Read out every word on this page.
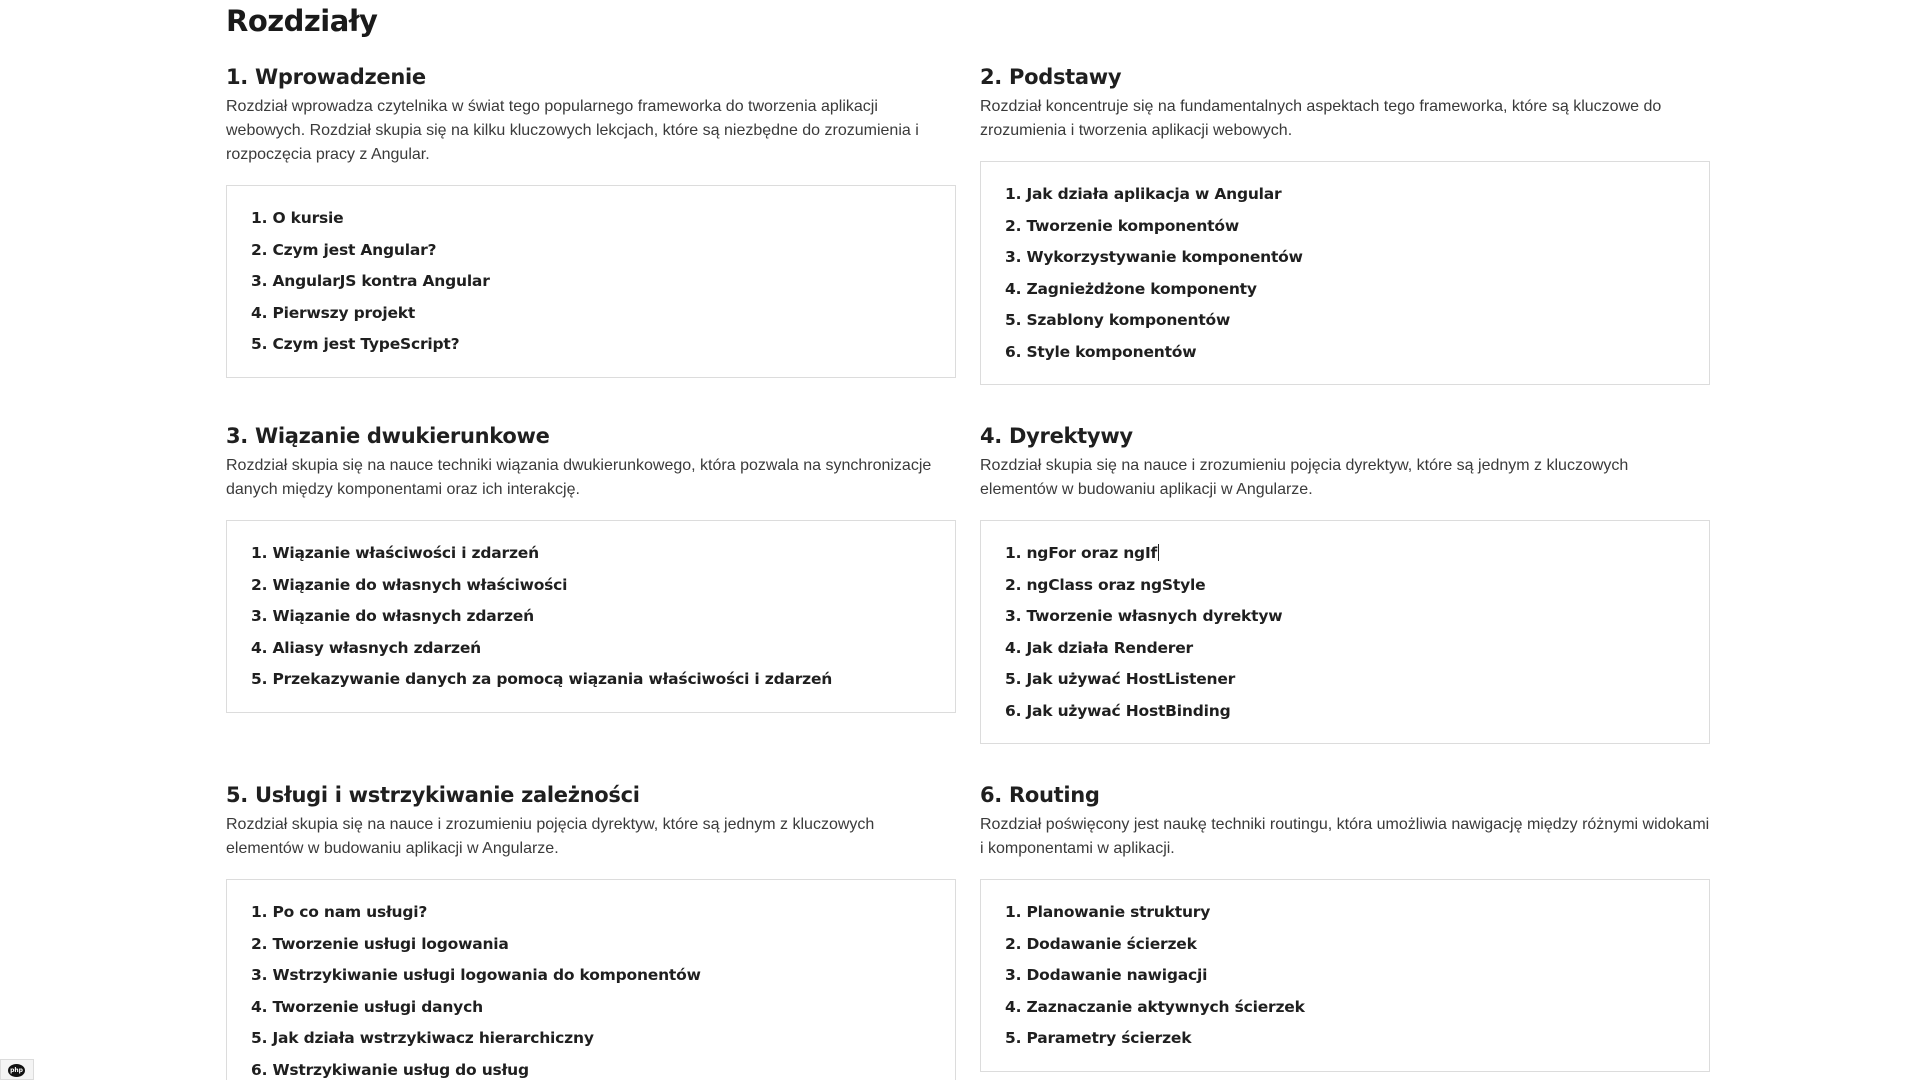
Rozdziały
1. Wprowadzenie

Rozdział wprowadza czytelnika w świat tego popularnego frameworka do tworzenia aplikacji webowych. Rozdział skupia się na kilku kluczowych lekcjach, które są niezbędne do zrozumienia i rozpoczęcia pracy z Angular.

1. O kursie
2. Czym jest Angular?
3. AngularJS kontra Angular
4. Pierwszy projekt
5. Czym jest TypeScript?
2. Podstawy

Rozdział koncentruje się na fundamentalnych aspektach tego frameworka, które są kluczowe do zrozumienia i tworzenia aplikacji webowych.

1. Jak działa aplikacja w Angular
2. Tworzenie komponentów
3. Wykorzystywanie komponentów
4. Zagnieżdżone komponenty
5. Szablony komponentów
6. Style komponentów
3. Wiązanie dwukierunkowe

Rozdział skupia się na nauce techniki wiązania dwukierunkowego, która pozwala na synchronizacje danych między komponentami oraz ich interakcję.

1. Wiązanie właściwości i zdarzeń
2. Wiązanie do własnych właściwości
3. Wiązanie do własnych zdarzeń
4. Aliasy własnych zdarzeń
5. Przekazywanie danych za pomocą wiązania właściwości i zdarzeń
4. Dyrektywy

Rozdział skupia się na nauce i zrozumieniu pojęcia dyrektyw, które są jednym z kluczowych elementów w budowaniu aplikacji w Angularze.

1. ngFor oraz ngIf
2. ngClass oraz ngStyle
3. Tworzenie własnych dyrektyw
4. Jak działa Renderer
5. Jak używać HostListener
6. Jak używać HostBinding
5. Usługi i wstrzykiwanie zależności

Rozdział skupia się na nauce i zrozumieniu pojęcia dyrektyw, które są jednym z kluczowych elementów w budowaniu aplikacji w Angularze.

1. Po co nam usługi?
2. Tworzenie usługi logowania
3. Wstrzykiwanie usługi logowania do komponentów
4. Tworzenie usługi danych
5. Jak działa wstrzykiwacz hierarchiczny
6. Wstrzykiwanie usług do usług
6. Routing

Rozdział poświęcony jest naukę techniki routingu, która umożliwia nawigację między różnymi widokami i komponentami w aplikacji.

1. Planowanie struktury
2. Dodawanie ścierzek
3. Dodawanie nawigacji
4. Zaznaczanie aktywnych ścierzek
5. Parametry ścierzek
php
